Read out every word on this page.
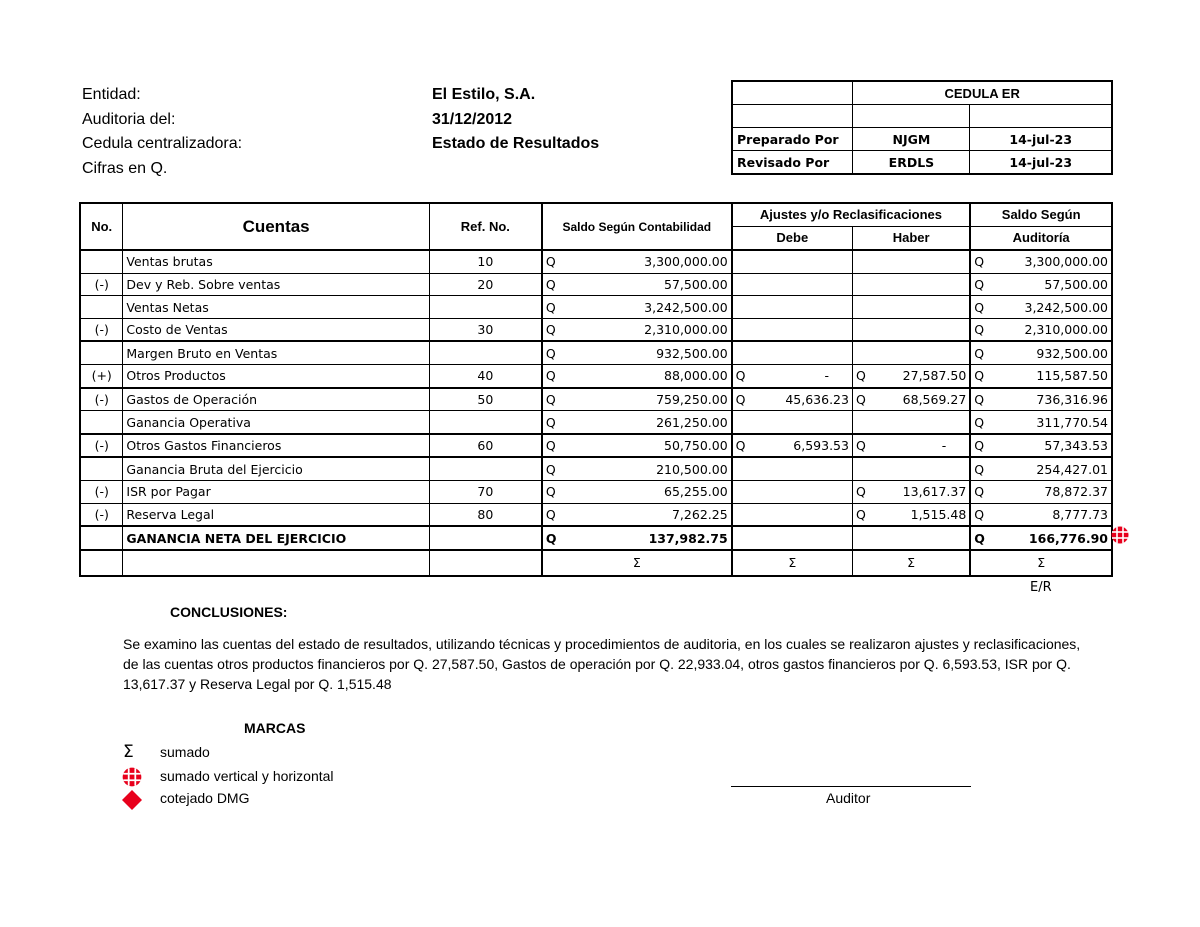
Entidad:	El Estilo, S.A.
Auditoria del:	31/12/2012
Cedula centralizadora:	Estado de Resultados
Cifras en Q.
	CEDULA ER	

Preparado Por	NJGM	14-jul-23
Revisado Por	ERDLS	14-jul-23
No.	Cuentas	Ref. No.	Saldo Según Contabilidad	Ajustes y/o Reclasificaciones		Saldo Según
				Debe	Haber	Auditoría
	Ventas brutas	10	Q 3,300,000.00			Q 3,300,000.00

(-)	Dev y Reb. Sobre ventas	20	Q 57,500.00			Q 57,500.00

	Ventas Netas		Q 3,242,500.00			Q 3,242,500.00

(-)	Costo de Ventas	30	Q 2,310,000.00			Q 2,310,000.00

	Margen Bruto en Ventas		Q 932,500.00			Q 932,500.00

(+)	Otros Productos	40	Q 88,000.00	Q -	Q 27,587.50	Q 115,587.50

(-)	Gastos de Operación	50	Q 759,250.00	Q 45,636.23	Q 68,569.27	Q 736,316.96

	Ganancia Operativa		Q 261,250.00			Q 311,770.54

(-)	Otros Gastos Financieros	60	Q 50,750.00	Q 6,593.53	Q -	Q 57,343.53

	Ganancia Bruta del Ejercicio		Q 210,500.00			Q 254,427.01

(-)	ISR por Pagar	70	Q 65,255.00		Q 13,617.37	Q 78,872.37

(-)	Reserva Legal	80	Q 7,262.25		Q 1,515.48	Q 8,777.73

	GANANCIA NETA DEL EJERCICIO		Q 137,982.75			Q 166,776.90

			Σ	Σ	Σ	Σ
E/R
CONCLUSIONES:
Se examino las cuentas del estado de resultados, utilizando técnicas y procedimientos de auditoria, en los cuales se realizaron ajustes y reclasificaciones, de las cuentas otros productos financieros por Q. 27,587.50, Gastos de operación por Q. 22,933.04, otros gastos financieros por Q. 6,593.53, ISR por Q. 13,617.37 y Reserva Legal por Q. 1,515.48
MARCAS
Σ sumado
sumado vertical y horizontal
cotejado DMG	Auditor
